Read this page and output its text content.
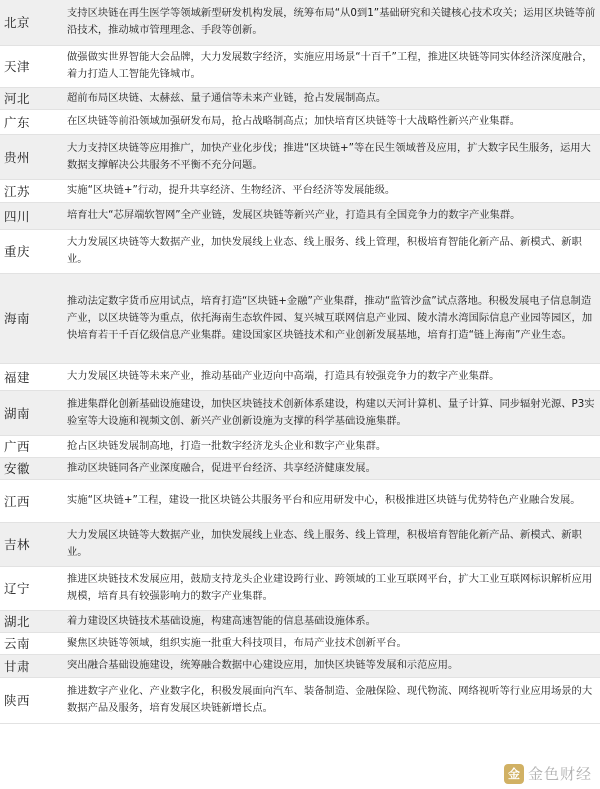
北京	支持区块链在再生医学等领域新型研发机构发展，统筹布局“从0到1”基础研究和关键核心技术攻关；运用区块链等前沿技术，推动城市管理理念、手段等创新。
天津	做强做实世界智能大会品牌，大力发展数字经济，实施应用场景“十百千”工程，推进区块链等同实体经济深度融合，着力打造人工智能先锋城市。
河北	超前布局区块链、太赫兹、量子通信等未来产业链，抢占发展制高点。
广东	在区块链等前沿领域加强研发布局，抢占战略制高点；加快培育区块链等十大战略性新兴产业集群。
贵州	大力支持区块链等应用推广，加快产业化步伐；推进“区块链+”等在民生领域普及应用，扩大数字民生服务，运用大数据支撑解决公共服务不平衡不充分问题。
江苏	实施“区块链+”行动，提升共享经济、生物经济、平台经济等发展能级。
四川	培育壮大“芯屏端软智网”全产业链，发展区块链等新兴产业，打造具有全国竞争力的数字产业集群。
重庆	大力发展区块链等大数据产业，加快发展线上业态、线上服务、线上管理，积极培育智能化新产品、新模式、新职业。
海南	推动法定数字货币应用试点，培育打造“区块链+金融”产业集群，推动“监管沙盒”试点落地。积极发展电子信息制造产业，以区块链等为重点，依托海南生态软件园、复兴城互联网信息产业园、陵水清水湾国际信息产业园等园区，加快培育若干千百亿级信息产业集群。建设国家区块链技术和产业创新发展基地，培育打造“链上海南”产业生态。
福建	大力发展区块链等未来产业，推动基础产业迈向中高端，打造具有较强竞争力的数字产业集群。
湖南	推进集群化创新基础设施建设，加快区块链技术创新体系建设，构建以天河计算机、量子计算、同步辐射光源、P3实验室等大设施和视频文创、新兴产业创新设施为支撑的科学基础设施集群。
广西	抢占区块链发展制高地，打造一批数字经济龙头企业和数字产业集群。
安徽	推动区块链同各产业深度融合，促进平台经济、共享经济健康发展。
江西	实施“区块链+”工程，建设一批区块链公共服务平台和应用研发中心，积极推进区块链与优势特色产业融合发展。
吉林	大力发展区块链等大数据产业，加快发展线上业态、线上服务、线上管理，积极培育智能化新产品、新模式、新职业。
辽宁	推进区块链技术发展应用，鼓励支持龙头企业建设跨行业、跨领域的工业互联网平台，扩大工业互联网标识解析应用规模，培育具有较强影响力的数字产业集群。
湖北	着力建设区块链技术基础设施，构建高速智能的信息基础设施体系。
云南	聚焦区块链等领域，组织实施一批重大科技项目，布局产业技术创新平台。
甘肃	突出融合基础设施建设，统筹融合数据中心建设应用，加快区块链等发展和示范应用。
陕西	推进数字产业化、产业数字化，积极发展面向汽车、装备制造、金融保险、现代物流、网络视听等行业应用场景的大数据产品及服务，培育发展区块链新增长点。
金 金色财经
